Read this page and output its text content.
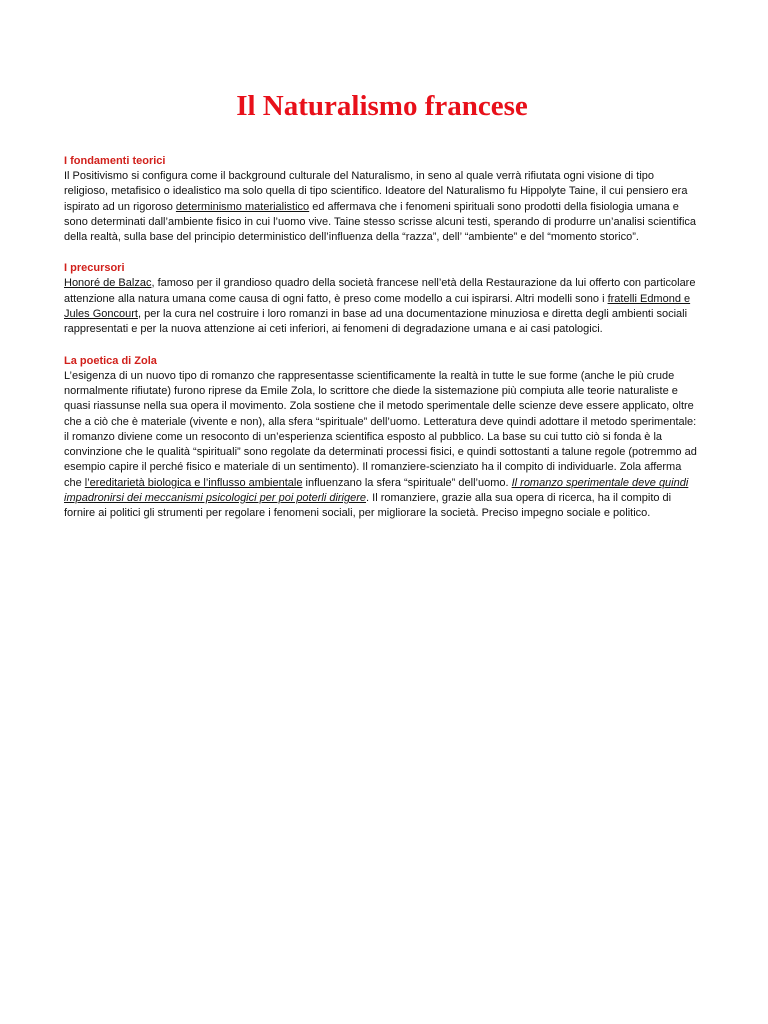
Il Naturalismo francese

I fondamenti teorici

Il Positivismo si configura come il background culturale del Naturalismo, in seno al quale verrà rifiutata ogni visione di tipo religioso, metafisico o idealistico ma solo quella di tipo scientifico. Ideatore del Naturalismo fu Hippolyte Taine, il cui pensiero era ispirato ad un rigoroso determinismo materialistico ed affermava che i fenomeni spirituali sono prodotti della fisiologia umana e sono determinati dall’ambiente fisico in cui l’uomo vive. Taine stesso scrisse alcuni testi, sperando di produrre un’analisi scientifica della realtà, sulla base del principio deterministico dell’influenza della “razza”, dell’ “ambiente” e del “momento storico”.

I precursori

Honoré de Balzac, famoso per il grandioso quadro della società francese nell’età della Restaurazione da lui offerto con particolare attenzione alla natura umana come causa di ogni fatto, è preso come modello a cui ispirarsi. Altri modelli sono i fratelli Edmond e Jules Goncourt, per la cura nel costruire i loro romanzi in base ad una documentazione minuziosa e diretta degli ambienti sociali rappresentati e per la nuova attenzione ai ceti inferiori, ai fenomeni di degradazione umana e ai casi patologici.

La poetica di Zola

L’esigenza di un nuovo tipo di romanzo che rappresentasse scientificamente la realtà in tutte le sue forme (anche le più crude normalmente rifiutate) furono riprese da Emile Zola, lo scrittore che diede la sistemazione più compiuta alle teorie naturaliste e quasi riassunse nella sua opera il movimento. Zola sostiene che il metodo sperimentale delle scienze deve essere applicato, oltre che a ciò che è materiale (vivente e non), alla sfera “spirituale” dell’uomo. Letteratura deve quindi adottare il metodo sperimentale: il romanzo diviene come un resoconto di un’esperienza scientifica esposto al pubblico. La base su cui tutto ciò si fonda è la convinzione che le qualità “spirituali” sono regolate da determinati processi fisici, e quindi sottostanti a talune regole (potremmo ad esempio capire il perché fisico e materiale di un sentimento). Il romanziere-scienziato ha il compito di individuarle. Zola afferma che l’ereditarietà biologica e l’influsso ambientale influenzano la sfera “spirituale” dell’uomo. Il romanzo sperimentale deve quindi impadronirsi dei meccanismi psicologici per poi poterli dirigere. Il romanziere, grazie alla sua opera di ricerca, ha il compito di fornire ai politici gli strumenti per regolare i fenomeni sociali, per migliorare la società. Preciso impegno sociale e politico.
